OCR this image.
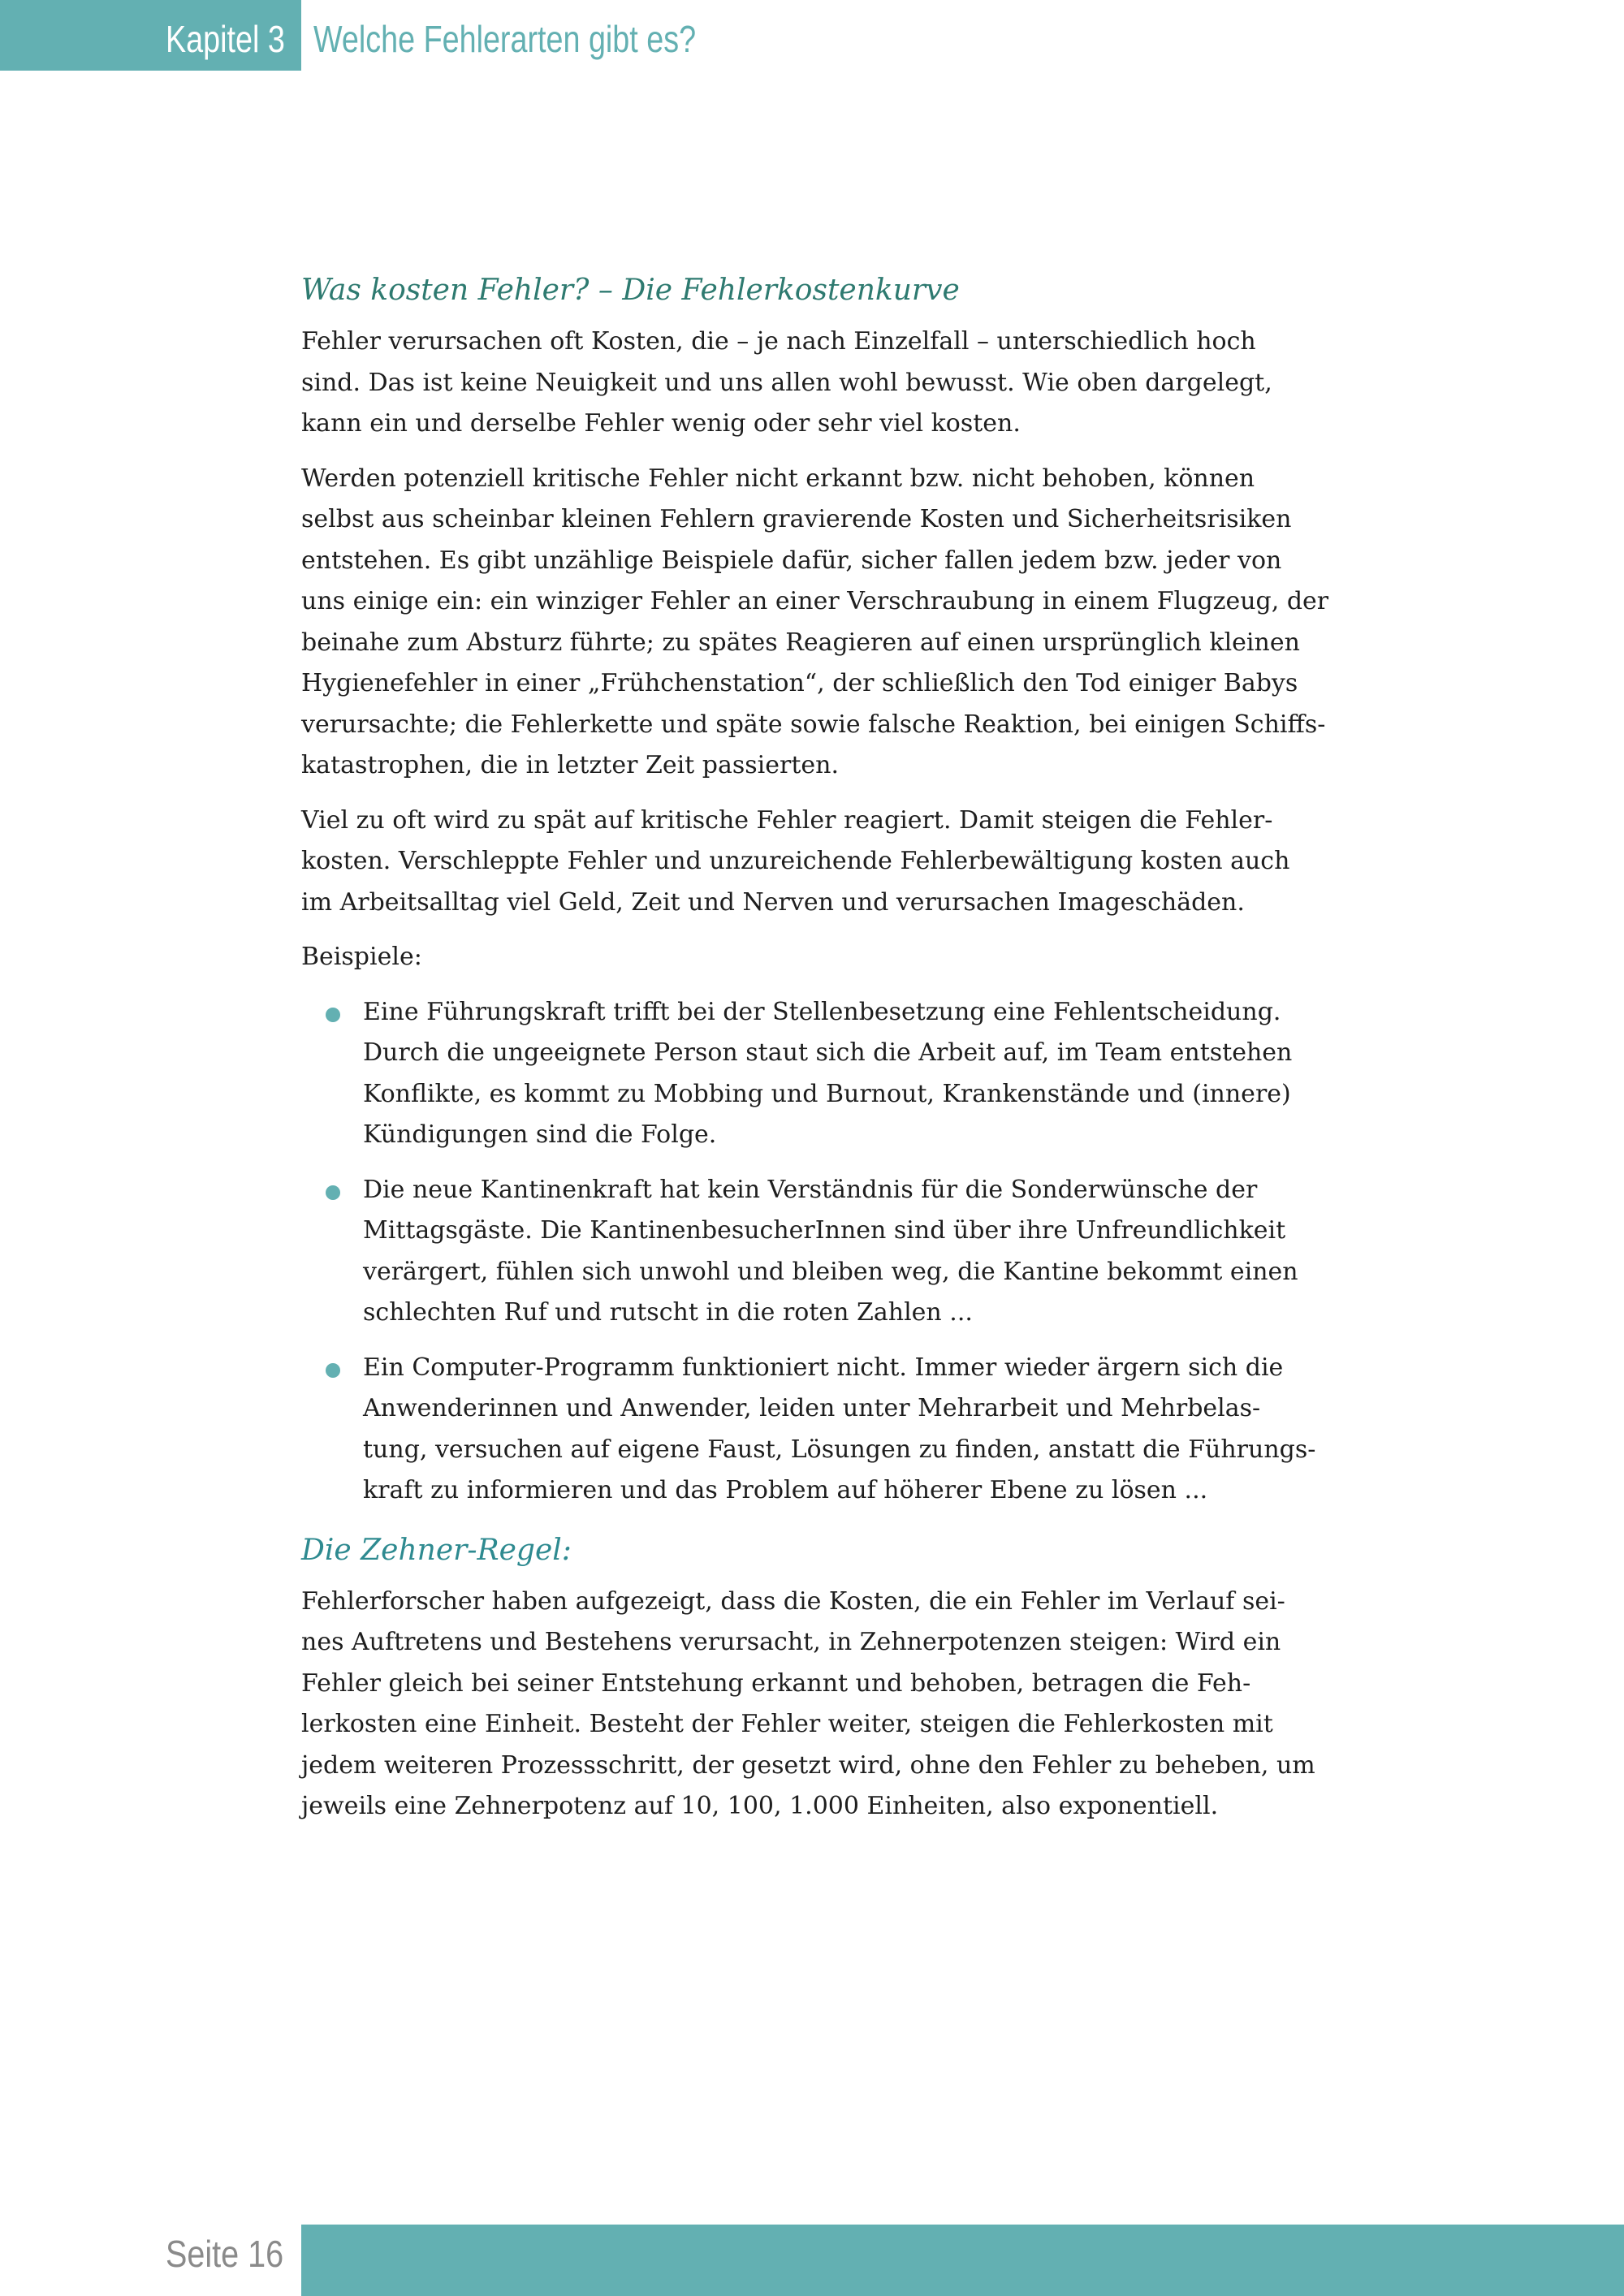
Kapitel 3 Welche Fehlerarten gibt es?
Was kosten Fehler? – Die Fehlerkostenkurve

Fehler verursachen oft Kosten, die – je nach Einzelfall – unterschiedlich hoch
sind. Das ist keine Neuigkeit und uns allen wohl bewusst. Wie oben dargelegt,
kann ein und derselbe Fehler wenig oder sehr viel kosten.

Werden potenziell kritische Fehler nicht erkannt bzw. nicht behoben, können
selbst aus scheinbar kleinen Fehlern gravierende Kosten und Sicherheitsrisiken
entstehen. Es gibt unzählige Beispiele dafür, sicher fallen jedem bzw. jeder von
uns einige ein: ein winziger Fehler an einer Verschraubung in einem Flugzeug, der
beinahe zum Absturz führte; zu spätes Reagieren auf einen ursprünglich kleinen
Hygienefehler in einer „Frühchenstation“, der schließlich den Tod einiger Babys
verursachte; die Fehlerkette und späte sowie falsche Reaktion, bei einigen Schiffs-
katastrophen, die in letzter Zeit passierten.

Viel zu oft wird zu spät auf kritische Fehler reagiert. Damit steigen die Fehler-
kosten. Verschleppte Fehler und unzureichende Fehlerbewältigung kosten auch
im Arbeitsalltag viel Geld, Zeit und Nerven und verursachen Imageschäden.

Beispiele:

Eine Führungskraft trifft bei der Stellenbesetzung eine Fehlentscheidung.
Durch die ungeeignete Person staut sich die Arbeit auf, im Team entstehen
Konflikte, es kommt zu Mobbing und Burnout, Krankenstände und (innere)
Kündigungen sind die Folge.
Die neue Kantinenkraft hat kein Verständnis für die Sonderwünsche der
Mittagsgäste. Die KantinenbesucherInnen sind über ihre Unfreundlichkeit
verärgert, fühlen sich unwohl und bleiben weg, die Kantine bekommt einen
schlechten Ruf und rutscht in die roten Zahlen ...
Ein Computer-Programm funktioniert nicht. Immer wieder ärgern sich die
Anwenderinnen und Anwender, leiden unter Mehrarbeit und Mehrbelas-
tung, versuchen auf eigene Faust, Lösungen zu finden, anstatt die Führungs-
kraft zu informieren und das Problem auf höherer Ebene zu lösen ...
Die Zehner-Regel:

Fehlerforscher haben aufgezeigt, dass die Kosten, die ein Fehler im Verlauf sei-
nes Auftretens und Bestehens verursacht, in Zehnerpotenzen steigen: Wird ein
Fehler gleich bei seiner Entstehung erkannt und behoben, betragen die Feh-
lerkosten eine Einheit. Besteht der Fehler weiter, steigen die Fehlerkosten mit
jedem weiteren Prozessschritt, der gesetzt wird, ohne den Fehler zu beheben, um
jeweils eine Zehnerpotenz auf 10, 100, 1.000 Einheiten, also exponentiell.

Seite 16
